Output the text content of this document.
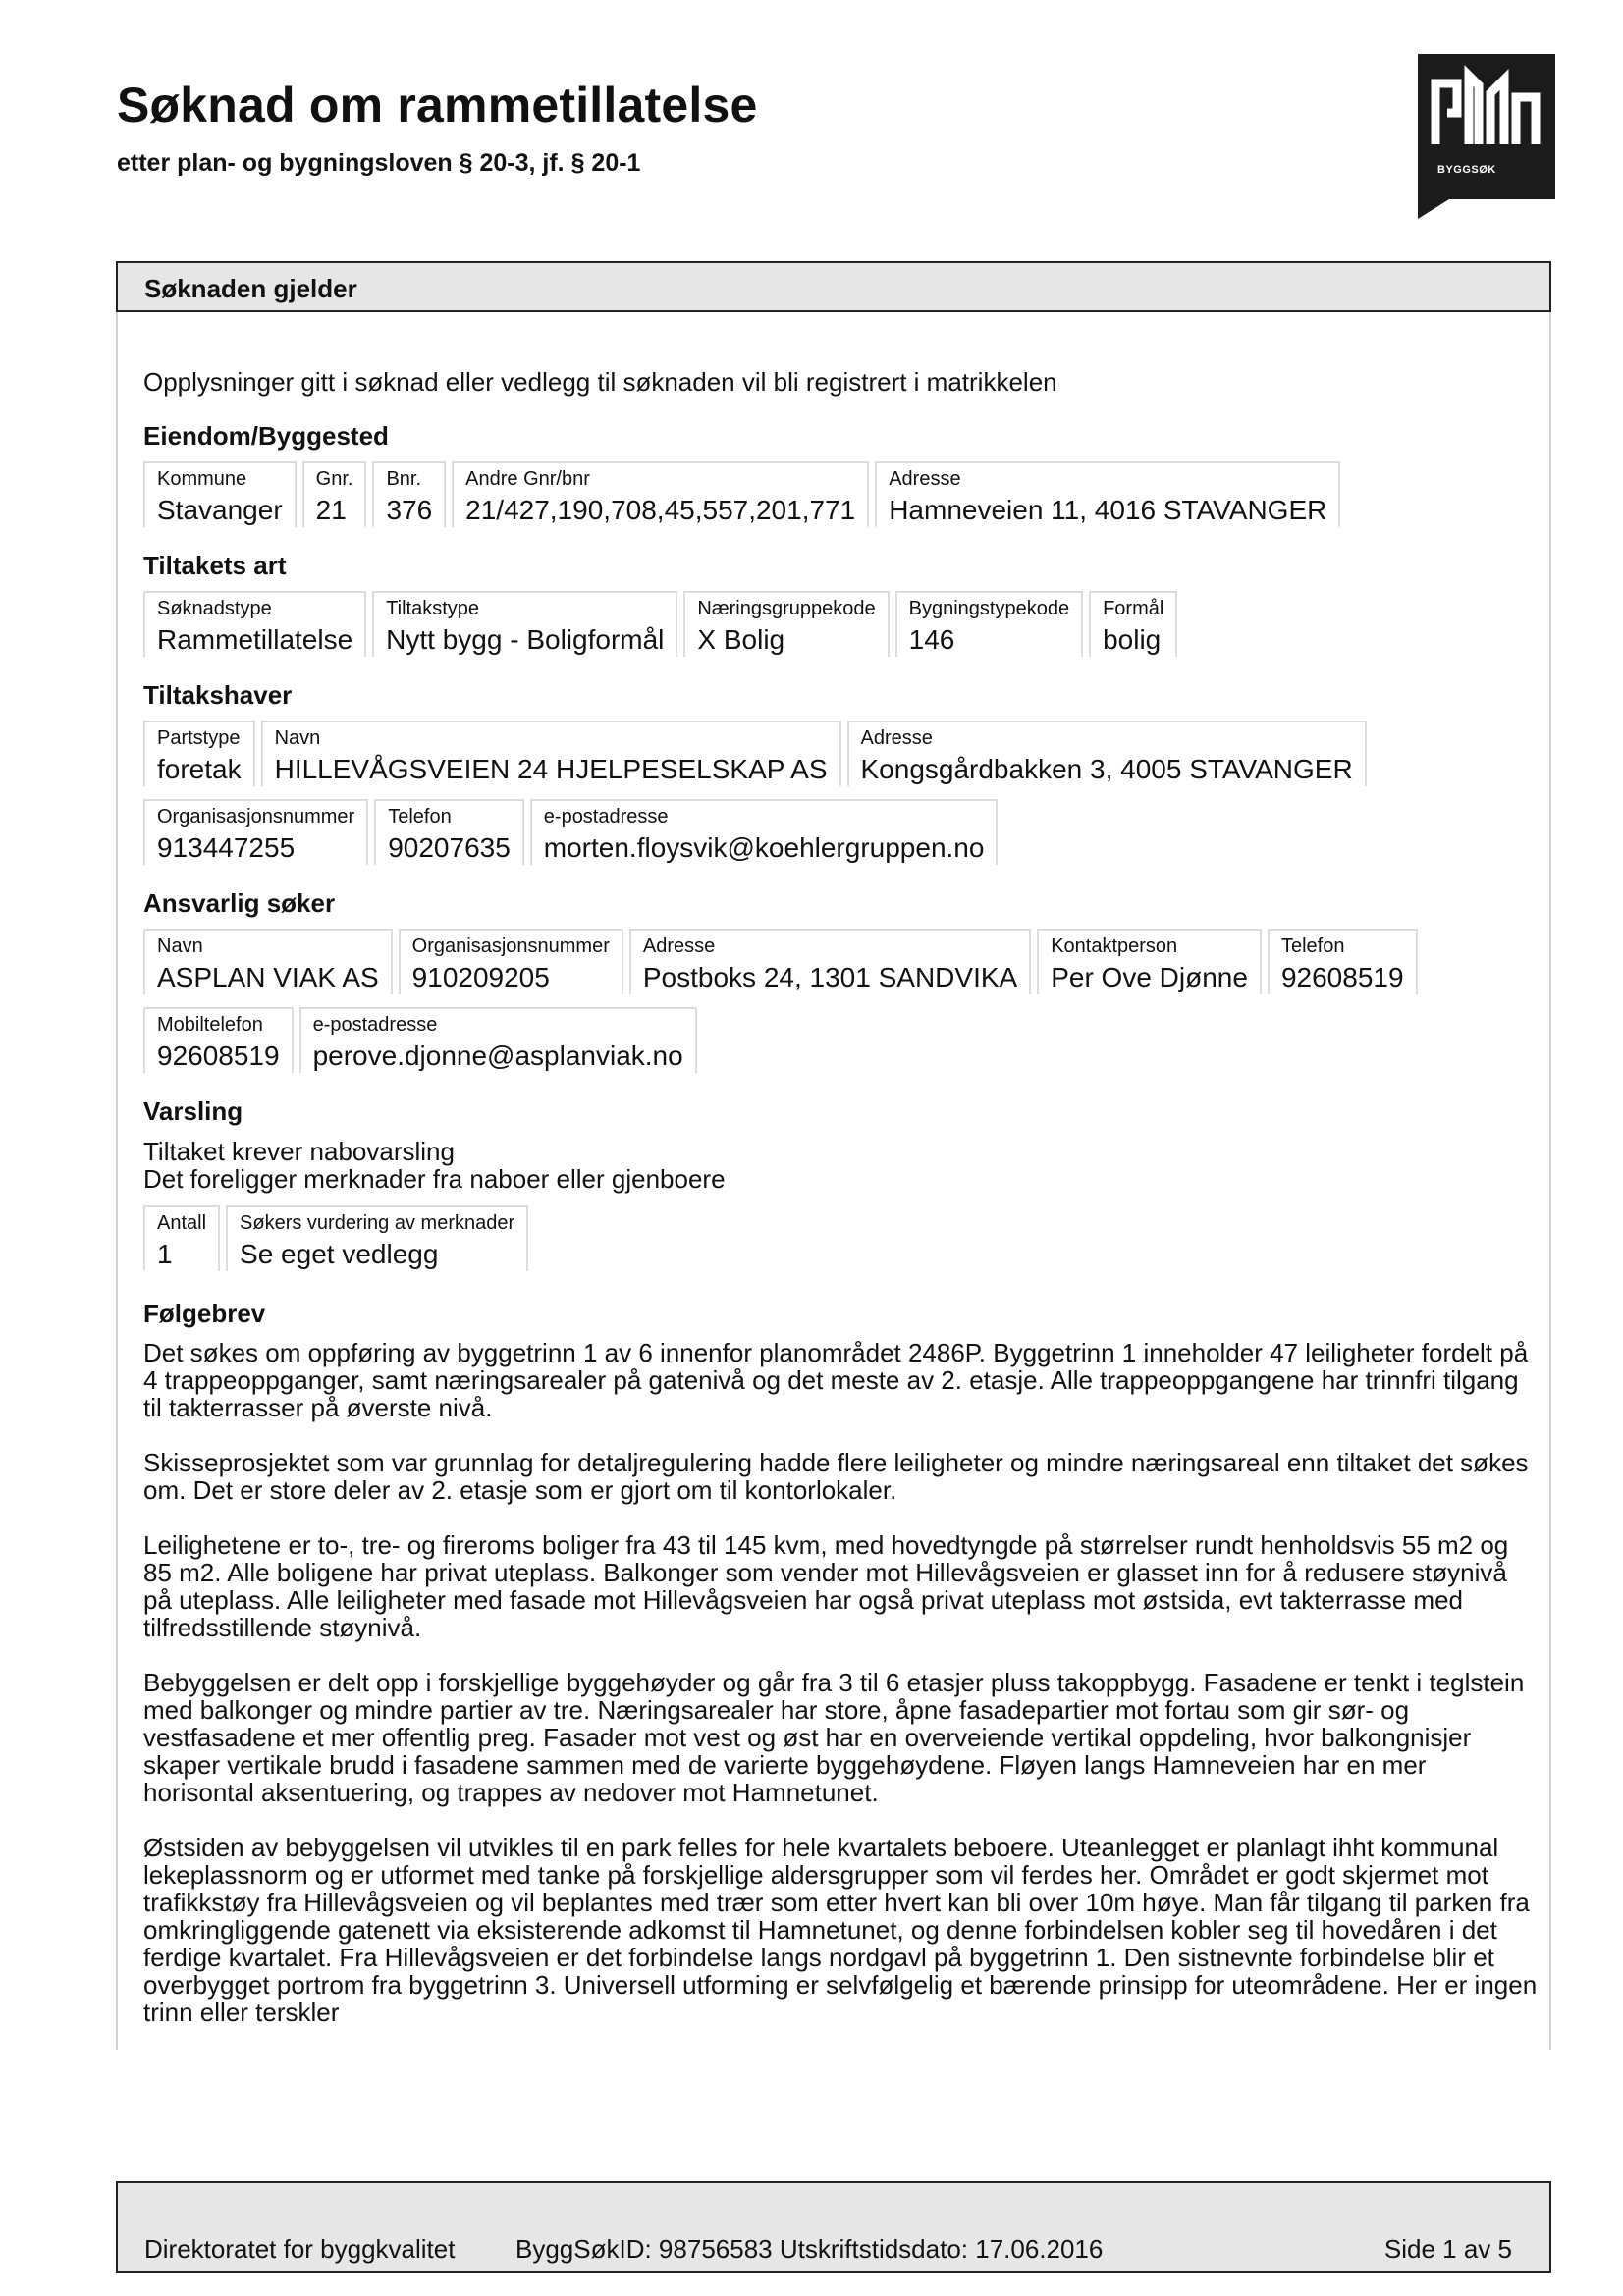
Søknad om rammetillatelse
etter plan- og bygningsloven § 20-3, jf. § 20-1	BYGGSØK
Søknaden gjelder
Opplysninger gitt i søknad eller vedlegg til søknaden vil bli registrert i matrikkelen
Eiendom/Byggested
Kommune
Stavanger
Gnr.
21
Bnr.
376
Andre Gnr/bnr
21/427,190,708,45,557,201,771
Adresse
Hamneveien 11, 4016 STAVANGER
Tiltakets art
Søknadstype
Rammetillatelse
Tiltakstype
Nytt bygg - Boligformål
Næringsgruppekode
X Bolig
Bygningstypekode
146
Formål
bolig
Tiltakshaver
Partstype
foretak
Navn
HILLEVÅGSVEIEN 24 HJELPESELSKAP AS
Adresse
Kongsgårdbakken 3, 4005 STAVANGER
Organisasjonsnummer
913447255
Telefon
90207635
e-postadresse
morten.floysvik@koehlergruppen.no
Ansvarlig søker
Navn
ASPLAN VIAK AS
Organisasjonsnummer
910209205
Adresse
Postboks 24, 1301 SANDVIKA
Kontaktperson
Per Ove Djønne
Telefon
92608519
Mobiltelefon
92608519
e-postadresse
perove.djonne@asplanviak.no
Varsling
Tiltaket krever nabovarsling
Det foreligger merknader fra naboer eller gjenboere
Antall
1
Søkers vurdering av merknader
Se eget vedlegg
Følgebrev

Det søkes om oppføring av byggetrinn 1 av 6 innenfor planområdet 2486P. Byggetrinn 1 inneholder 47 leiligheter fordelt på 4 trappeoppganger, samt næringsarealer på gatenivå og det meste av 2. etasje. Alle trappeoppgangene har trinnfri tilgang til takterrasser på øverste nivå.

Skisseprosjektet som var grunnlag for detaljregulering hadde flere leiligheter og mindre næringsareal enn tiltaket det søkes om. Det er store deler av 2. etasje som er gjort om til kontorlokaler.

Leilighetene er to-, tre- og fireroms boliger fra 43 til 145 kvm, med hovedtyngde på størrelser rundt henholdsvis 55 m2 og 85 m2. Alle boligene har privat uteplass. Balkonger som vender mot Hillevågsveien er glasset inn for å redusere støynivå på uteplass. Alle leiligheter med fasade mot Hillevågsveien har også privat uteplass mot østsida, evt takterrasse med tilfredsstillende støynivå.

Bebyggelsen er delt opp i forskjellige byggehøyder og går fra 3 til 6 etasjer pluss takoppbygg. Fasadene er tenkt i teglstein med balkonger og mindre partier av tre. Næringsarealer har store, åpne fasadepartier mot fortau som gir sør- og vestfasadene et mer offentlig preg. Fasader mot vest og øst har en overveiende vertikal oppdeling, hvor balkongnisjer skaper vertikale brudd i fasadene sammen med de varierte byggehøydene. Fløyen langs Hamneveien har en mer horisontal aksentuering, og trappes av nedover mot Hamnetunet.

Østsiden av bebyggelsen vil utvikles til en park felles for hele kvartalets beboere. Uteanlegget er planlagt ihht kommunal lekeplassnorm og er utformet med tanke på forskjellige aldersgrupper som vil ferdes her. Området er godt skjermet mot trafikkstøy fra Hillevågsveien og vil beplantes med trær som etter hvert kan bli over 10m høye. Man får tilgang til parken fra omkringliggende gatenett via eksisterende adkomst til Hamnetunet, og denne forbindelsen kobler seg til hovedåren i det ferdige kvartalet. Fra Hillevågsveien er det forbindelse langs nordgavl på byggetrinn 1. Den sistnevnte forbindelse blir et overbygget portrom fra byggetrinn 3. Universell utforming er selvfølgelig et bærende prinsipp for uteområdene. Her er ingen trinn eller terskler

Direktoratet for byggkvalitet ByggSøkID: 98756583 Utskriftstidsdato: 17.06.2016	Side 1 av 5
